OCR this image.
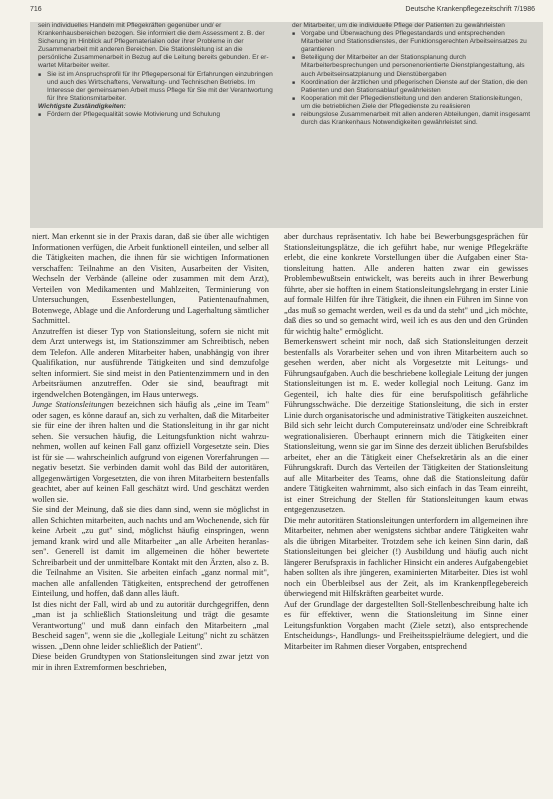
716	Deutsche Krankenpflegezeitschrift 7/1986

sein individuelles Handeln mit Pflegekräften gegenüber und/ er Krankenhausbereichen bezogen. Sie informiert die dem Assessment z. B. der Sicherung im Hinblick auf Pflegematerialien oder ihrer Probleme in der Zusammenarbeit mit anderen Bereichen. Die Stationsleitung ist an die persönliche Zusammenarbeit in Bezug auf die Leitung bereits gebunden. Er erwartet Mitarbeiter weiter.

■ Sie ist im Anspruchsprofil für Ihr Pflegepersonal für Erfahrungen einzubringen und auch des Wirtschaftens, Verwaltung- und Technischen Betriebs. Im Interesse der gemeinsamen Arbeit muss Pflege für Sie mit der Verantwortung für Ihre Stationsmitarbeiter.

Wichtigste Zuständigkeiten:

■ Fördern der Pflegequalität sowie Motivierung und Schulung

der Mitarbeiter, um die individuelle Pflege der Patienten zu gewährleisten

■ Vorgabe und Überwachung des Pflegestandards und entsprechenden Mitarbeiter und Stationsdienstes, der Funktionsgerechten Arbeitseinsatzes zu garantieren
■ Beteiligung der Mitarbeiter an der Stationsplanung durch Mitarbeiterbesprechungen und personenorientierte Dienstplangestaltung, als auch Arbeitseinsatzplanung und Dienstübergaben
■ Koordination der ärztlichen und pflegerischen Dienste auf der Station, die den Patienten und den Stationsablauf gewährleisten
■ Kooperation mit der Pflegedienstleitung und den anderen Stationsleitungen, um die betrieblichen Ziele der Pflegedienste zu realisieren
■ reibungslose Zusammenarbeit mit allen anderen Abteilungen, damit insgesamt durch das Krankenhaus Notwendigkeiten gewährleistet sind.

niert. Man erkennt sie in der Praxis daran, daß sie über alle wichtigen Informationen verfügen, die Arbeit funktionell einteilen, und selber all die Tätigkeiten machen, die ihnen für sie wichtigen Informationen verschaffen: Teilnahme an den Visiten, Ausarbeiten der Visiten, Wechseln der Verbände (alleine oder zusammen mit dem Arzt), Verteilen von Medikamenten und Mahlzeiten, Terminierung von Untersuchungen, Essenbestellungen, Patientenaufnahmen, Botenwege, Ablage und die Anforderung und Lagerhaltung sämtlicher Sachmittel.

Anzutreffen ist dieser Typ von Stationsleitung, sofern sie nicht mit dem Arzt unterwegs ist, im Stationszimmer am Schreibtisch, neben dem Telefon. Alle anderen Mitarbeiter haben, unabhängig von ihrer Qualifikation, nur ausführende Tätigkeiten und sind demzufolge selten informiert. Sie sind meist in den Patientenzimmern und in den Arbeitsräumen anzutreffen. Oder sie sind, beauftragt mit irgendwelchen Botengängen, im Haus unterwegs.

Junge Stationsleitungen bezeichnen sich häufig als „eine im Team" oder sagen, es könne darauf an, sich zu verhalten, daß die Mitarbeiter sie für eine der ihren halten und die Stationsleitung in ihr gar nicht sehen. Sie versuchen häufig, die Leitungsfunktion nicht wahrzunehmen, wollen auf keinen Fall ganz offiziell Vorgesetzte sein. Dies ist für sie — wahrscheinlich aufgrund von eigenen Vorerfahrungen — negativ besetzt. Sie verbinden damit wohl das Bild der autoritären, allgegenwärtigen Vorgesetzten, die von ihren Mitarbeitern bestenfalls geachtet, aber auf keinen Fall geschätzt wird. Und geschätzt werden wollen sie.

Sie sind der Meinung, daß sie dies dann sind, wenn sie möglichst in allen Schichten mitarbeiten, auch nachts und am Wochenende, sich für keine Arbeit „zu gut" sind, möglichst häufig einspringen, wenn jemand krank wird und alle Mitarbeiter „an alle Arbeiten heranlassen". Generell ist damit im allgemeinen die höher bewertete Schreibarbeit und der unmittelbare Kontakt mit den Ärzten, also z. B. die Teilnahme an Visiten. Sie arbeiten einfach „ganz normal mit", machen alle anfallenden Tätigkeiten, entsprechend der getroffenen Einteilung, und hoffen, daß dann alles läuft.

Ist dies nicht der Fall, wird ab und zu autoritär durchgegriffen, denn „man ist ja schließlich Stationsleitung und trägt die gesamte Verantwortung" und muß dann einfach den Mitarbeitern „mal Bescheid sagen", wenn sie die „kollegiale Leitung" nicht zu schätzen wissen. „Denn ohne leider schließlich der Patient".

Diese beiden Grundtypen von Stationsleitungen sind zwar jetzt von mir in ihren Extremformen beschrieben,

aber durchaus repräsentativ. Ich habe bei Bewerbungsgesprächen für Stationsleitungsplätze, die ich geführt habe, nur wenige Pflegekräfte erlebt, die eine konkrete Vorstellungen über die Aufgaben einer Stationsleitung hatten. Alle anderen hatten zwar ein gewisses Problembewußtsein entwickelt, was bereits auch in ihrer Bewerbung führte, aber sie hofften in einem Stationsleitungslehrgang in erster Linie auf formale Hilfen für ihre Tätigkeit, die ihnen ein Führen im Sinne von „das muß so gemacht werden, weil es da und da steht" und „ich möchte, daß dies so und so gemacht wird, weil ich es aus den und den Gründen für wichtig halte" ermöglicht.

Bemerkenswert scheint mir noch, daß sich Stationsleitungen derzeit bestenfalls als Vorarbeiter sehen und von ihren Mitarbeitern auch so gesehen werden, aber nicht als Vorgesetzte mit Leitungs- und Führungsaufgaben. Auch die beschriebene kollegiale Leitung der jungen Stationsleitungen ist m. E. weder kollegial noch Leitung. Ganz im Gegenteil, ich halte dies für eine berufspolitisch gefährliche Führungsschwäche. Die derzeitige Stationsleitung, die sich in erster Linie durch organisatorische und administrative Tätigkeiten auszeichnet. Bild sich sehr leicht durch Computereinsatz und/oder eine Schreibkraft wegrationalisieren. Überhaupt erinnern mich die Tätigkeiten einer Stationsleitung, wenn sie gar im Sinne des derzeit üblichen Berufsbildes arbeitet, eher an die Tätigkeit einer Chefsekretärin als an die einer Führungskraft. Durch das Verteilen der Tätigkeiten der Stationsleitung auf alle Mitarbeiter des Teams, ohne daß die Stationsleitung dafür andere Tätigkeiten wahrnimmt, also sich einfach in das Team einreiht, ist einer Streichung der Stellen für Stationsleitungen kaum etwas entgegenzusetzen.

Die mehr autoritären Stationsleitungen unterfordern im allgemeinen ihre Mitarbeiter, nehmen aber wenigstens sichtbar andere Tätigkeiten wahr als die übrigen Mitarbeiter. Trotzdem sehe ich keinen Sinn darin, daß Stationsleitungen bei gleicher (!) Ausbildung und häufig auch nicht längerer Berufspraxis in fachlicher Hinsicht ein anderes Aufgabengebiet haben sollten als ihre jüngeren, examinierten Mitarbeiter. Dies ist wohl noch ein Überbleibsel aus der Zeit, als im Krankenpflegebereich überwiegend mit Hilfskräften gearbeitet wurde.

Auf der Grundlage der dargestellten Soll-Stellenbeschreibung halte ich es für effektiver, wenn die Stationsleitung im Sinne einer Leitungsfunktion Vorgaben macht (Ziele setzt), also entsprechende Entscheidungs-, Handlungs- und Freiheitsspielräume delegiert, und die Mitarbeiter im Rahmen dieser Vorgaben, entsprechend
